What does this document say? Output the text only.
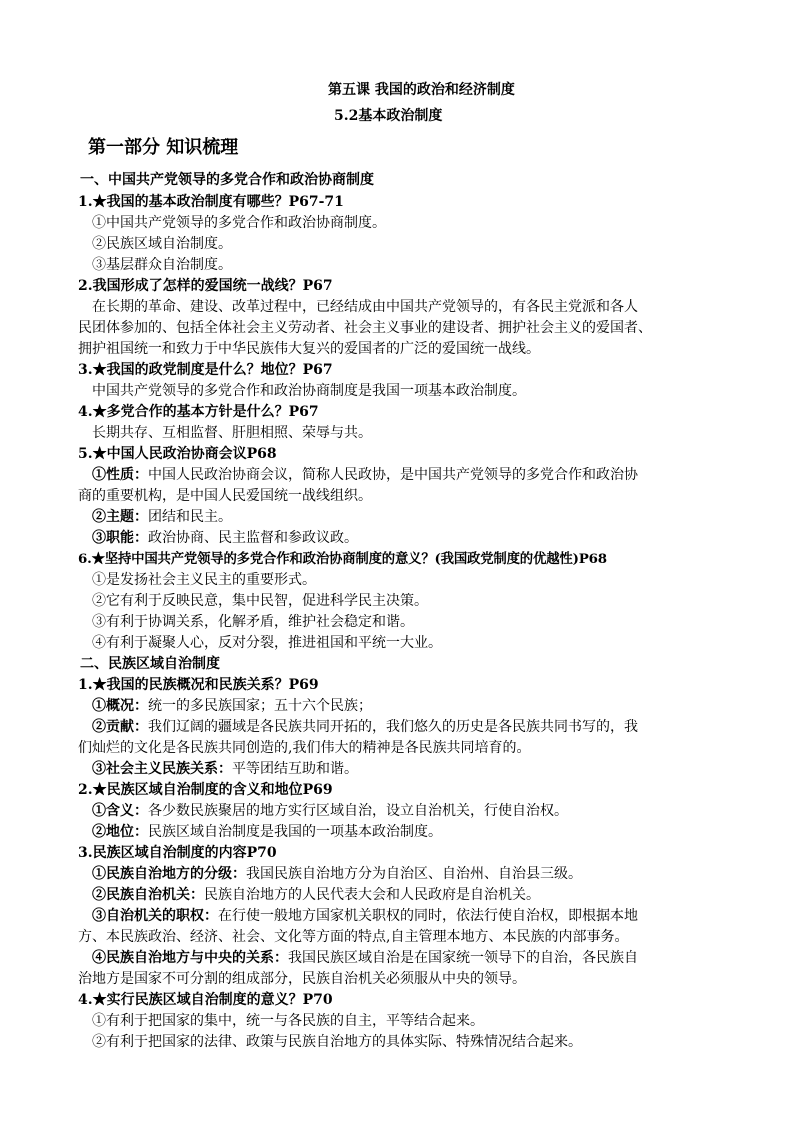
第五课 我国的政治和经济制度
5.2基本政治制度
第一部分 知识梳理
一、中国共产党领导的多党合作和政治协商制度
1.★我国的基本政治制度有哪些？P67-71
①中国共产党领导的多党合作和政治协商制度。
②民族区域自治制度。
③基层群众自治制度。
2.我国形成了怎样的爱国统一战线？P67
在长期的革命、建设、改革过程中，已经结成由中国共产党领导的，有各民主党派和各人
民团体参加的、包括全体社会主义劳动者、社会主义事业的建设者、拥护社会主义的爱国者、
拥护祖国统一和致力于中华民族伟大复兴的爱国者的广泛的爱国统一战线。
3.★我国的政党制度是什么？地位？P67
中国共产党领导的多党合作和政治协商制度是我国一项基本政治制度。
4.★多党合作的基本方针是什么？P67
长期共存、互相监督、肝胆相照、荣辱与共。
5.★中国人民政治协商会议P68
①性质：中国人民政治协商会议，简称人民政协，是中国共产党领导的多党合作和政治协
商的重要机构，是中国人民爱国统一战线组织。
②主题：团结和民主。
③职能：政治协商、民主监督和参政议政。
6.★坚持中国共产党领导的多党合作和政治协商制度的意义？(我国政党制度的优越性)P68
①是发扬社会主义民主的重要形式。
②它有利于反映民意，集中民智，促进科学民主决策。
③有利于协调关系，化解矛盾，维护社会稳定和谐。
④有利于凝聚人心，反对分裂，推进祖国和平统一大业。
二、民族区域自治制度
1.★我国的民族概况和民族关系？P69
①概况：统一的多民族国家；五十六个民族；
②贡献：我们辽阔的疆域是各民族共同开拓的，我们悠久的历史是各民族共同书写的，我
们灿烂的文化是各民族共同创造的,我们伟大的精神是各民族共同培育的。
③社会主义民族关系：平等团结互助和谐。
2.★民族区域自治制度的含义和地位P69
①含义：各少数民族聚居的地方实行区域自治，设立自治机关，行使自治权。
②地位：民族区域自治制度是我国的一项基本政治制度。
3.民族区域自治制度的内容P70
①民族自治地方的分级：我国民族自治地方分为自治区、自治州、自治县三级。
②民族自治机关：民族自治地方的人民代表大会和人民政府是自治机关。
③自治机关的职权：在行使一般地方国家机关职权的同时，依法行使自治权，即根据本地
方、本民族政治、经济、社会、文化等方面的特点,自主管理本地方、本民族的内部事务。
④民族自治地方与中央的关系：我国民族区域自治是在国家统一领导下的自治，各民族自
治地方是国家不可分割的组成部分，民族自治机关必须服从中央的领导。
4.★实行民族区域自治制度的意义？P70
①有利于把国家的集中，统一与各民族的自主，平等结合起来。
②有利于把国家的法律、政策与民族自治地方的具体实际、特殊情况结合起来。
